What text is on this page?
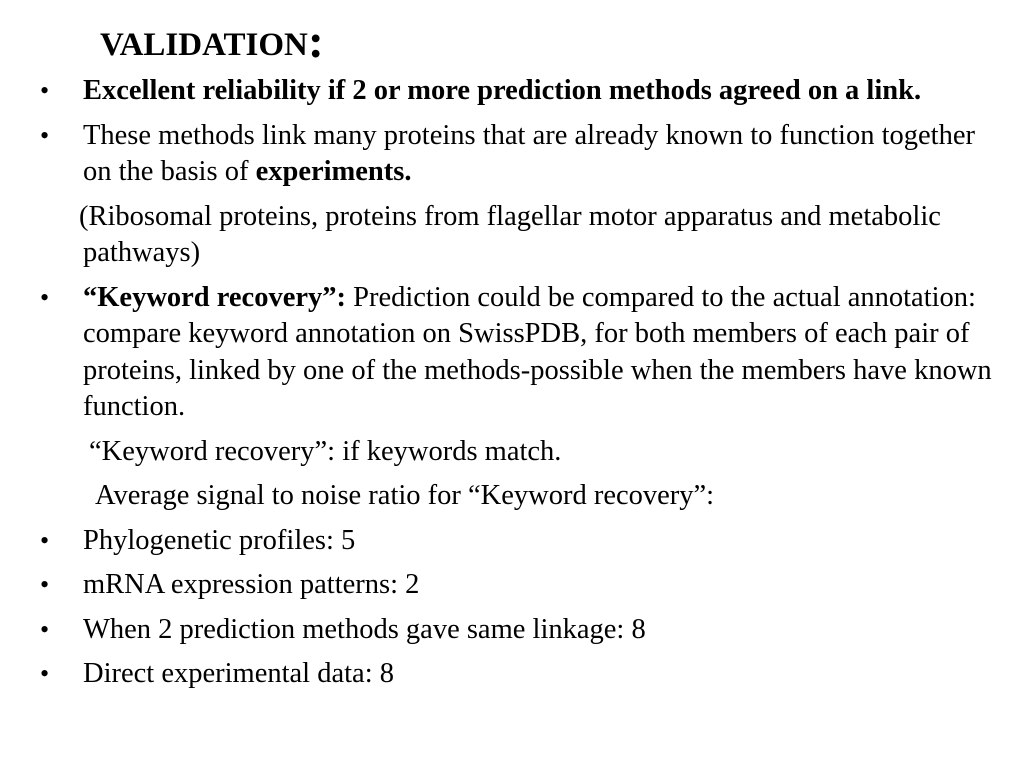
VALIDATION:
• Excellent reliability if 2 or more prediction methods agreed on a link.
• These methods link many proteins that are already known to function together on the basis of experiments.
(Ribosomal proteins, proteins from flagellar motor apparatus and metabolic pathways)
• “Keyword recovery”: Prediction could be compared to the actual annotation: compare keyword annotation on SwissPDB, for both members of each pair of proteins, linked by one of the methods-possible when the members have known function.
“Keyword recovery”: if keywords match.
Average signal to noise ratio for “Keyword recovery”:
• Phylogenetic profiles: 5
• mRNA expression patterns: 2
• When 2 prediction methods gave same linkage: 8
• Direct experimental data: 8
